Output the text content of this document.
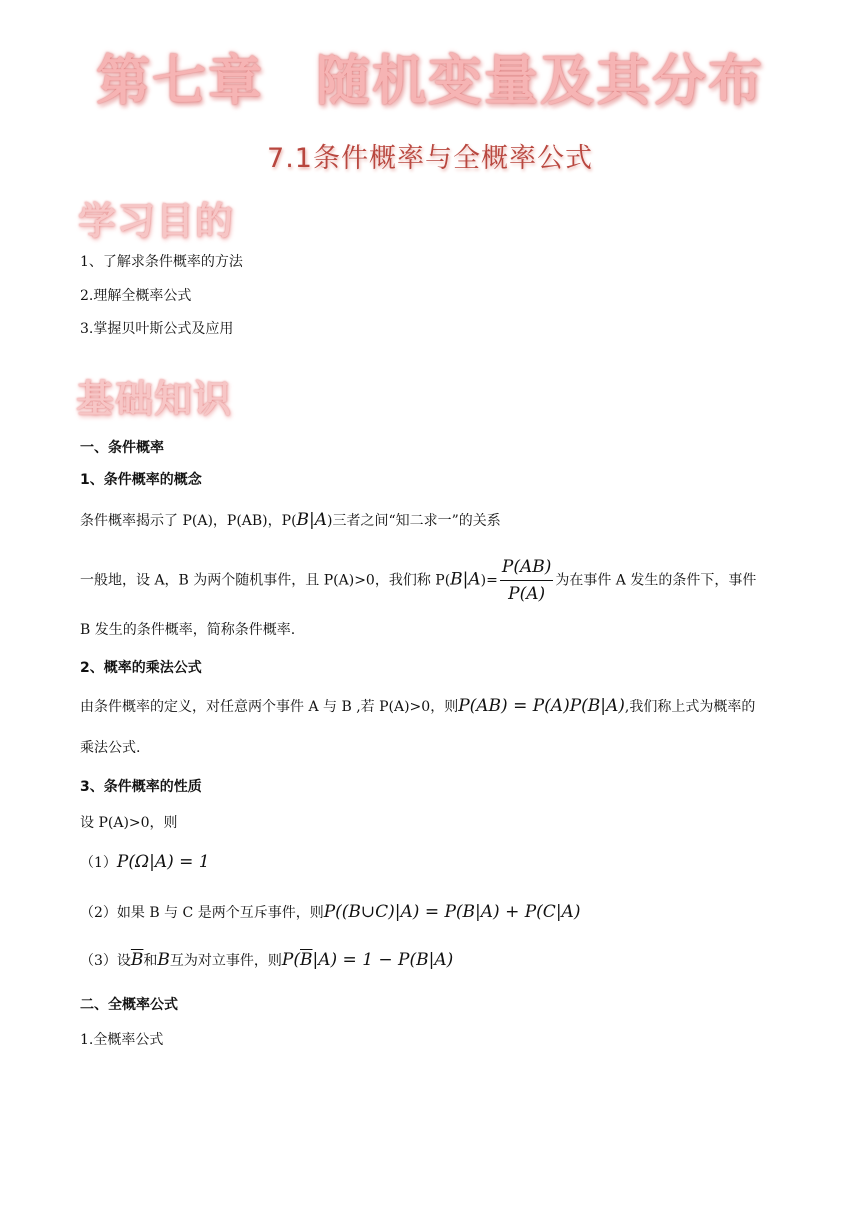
第七章 随机变量及其分布
7.1条件概率与全概率公式
学习目的
1、了解求条件概率的方法
2.理解全概率公式
3.掌握贝叶斯公式及应用
基础知识
一、条件概率
1、条件概率的概念
条件概率揭示了 P(A)，P(AB)，P(B|A)三者之间“知二求一”的关系
一般地，设 A，B 为两个随机事件，且 P(A)>0，我们称 $P(B|A)= \frac{P(AB)}{P(A)}$ 为在事件 A 发生的条件下，事件
B 发生的条件概率，简称条件概率.
2、概率的乘法公式
由条件概率的定义，对任意两个事件 A 与 B ,若 P(A)>0，则P(AB) = P(A)P(B|A),我们称上式为概率的
乘法公式.
3、条件概率的性质
设 P(A)>0，则
（1）P(Ω|A) = 1
（2）如果 B 与 C 是两个互斥事件，则P((B∪C)|A) = P(B|A) + P(C|A)
（3）设$\overline{B}$和B互为对立事件，则$P(\overline{B}|A) = 1 - P(B|A)$
二、全概率公式
1.全概率公式
